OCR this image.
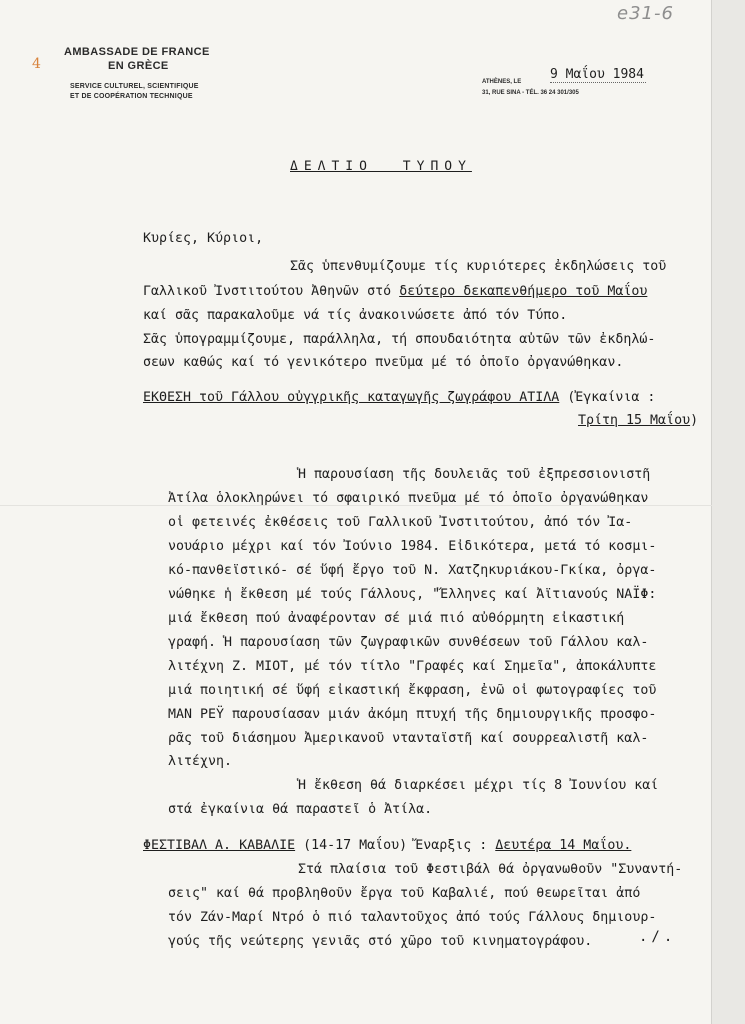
e31-6
4
AMBASSADE DE FRANCE
EN GRÈCE
SERVICE CULTUREL, SCIENTIFIQUE
ET DE COOPÉRATION TECHNIQUE
ATHÈNES, LE 9 Μαΐου 1984
31, RUE SINA - TÉL. 36 24 301/305
ΔΕΛΤΙΟ ΤΥΠΟΥ
Κυρίες, Κύριοι,
Σᾶς ὑπενθυμίζουμε τίς κυριότερες ἐκδηλώσεις τοῦ
Γαλλικοῦ Ἰνστιτούτου Ἀθηνῶν στό δεύτερο δεκαπενθήμερο τοῦ Μαΐου
καί σᾶς παρακαλοῦμε νά τίς ἀνακοινώσετε ἀπό τόν Τύπο.
Σᾶς ὑπογραμμίζουμε, παράλληλα, τή σπουδαιότητα αὐτῶν τῶν ἐκδηλώ-
σεων καθώς καί τό γενικότερο πνεῦμα μέ τό ὁποῖο ὀργανώθηκαν.
ΕΚΘΕΣΗ τοῦ Γάλλου οὐγγρικῆς καταγωγῆς ζωγράφου ΑΤΙΛΑ (Ἐγκαίνια :
Τρίτη 15 Μαΐου)
Ἡ παρουσίαση τῆς δουλειᾶς τοῦ ἐξπρεσσιονιστῆ
Ἀτίλα ὁλοκληρώνει τό σφαιρικό πνεῦμα μέ τό ὁποῖο ὀργανώθηκαν
οἱ φετεινές ἐκθέσεις τοῦ Γαλλικοῦ Ἰνστιτούτου, ἀπό τόν Ἰα-
νουάριο μέχρι καί τόν Ἰούνιο 1984. Εἰδικότερα, μετά τό κοσμι-
κό-πανθεϊστικό- σέ ὕφή ἔργο τοῦ Ν. Χατζηκυριάκου-Γκίκα, ὀργα-
νώθηκε ἡ ἔκθεση μέ τούς Γάλλους, "Ἕλληνες καί Ἀϊτιανούς ΝΑΪΦ:
μιά ἔκθεση πού ἀναφέρονταν σέ μιά πιό αὐθόρμητη εἰκαστική
γραφή. Ἡ παρουσίαση τῶν ζωγραφικῶν συνθέσεων τοῦ Γάλλου καλ-
λιτέχνη Ζ. ΜΙΟΤ, μέ τόν τίτλο "Γραφές καί Σημεῖα", ἀποκάλυπτε
μιά ποιητική σέ ὕφή εἰκαστική ἔκφραση, ἐνῶ οἱ φωτογραφίες τοῦ
ΜΑΝ ΡΕΫ παρουσίασαν μιάν ἀκόμη πτυχή τῆς δημιουργικῆς προσφο-
ρᾶς τοῦ διάσημου Ἀμερικανοῦ ντανταϊστῆ καί σουρρεαλιστῆ καλ-
λιτέχνη.
Ἡ ἔκθεση θά διαρκέσει μέχρι τίς 8 Ἰουνίου καί
στά ἐγκαίνια θά παραστεῖ ὁ Ἀτίλα.
ΦΕΣΤΙΒΑΛ Α. ΚΑΒΑΛΙΕ (14-17 Μαΐου) Ἔναρξις : Δευτέρα 14 Μαΐου.
Στά πλαίσια τοῦ Φεστιβάλ θά ὀργανωθοῦν "Συναντή-
σεις" καί θά προβληθοῦν ἔργα τοῦ Καβαλιέ, πού θεωρεῖται ἀπό
τόν Ζάν-Μαρί Ντρό ὁ πιό ταλαντοῦχος ἀπό τούς Γάλλους δημιουρ-
γούς τῆς νεώτερης γενιᾶς στό χῶρο τοῦ κινηματογράφου.	./.
